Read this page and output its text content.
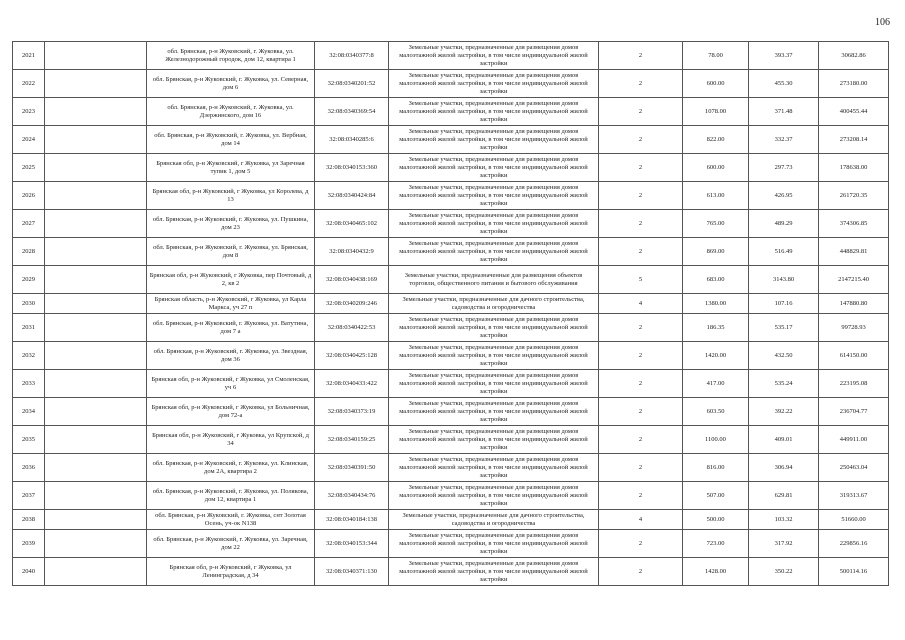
106
2021		обл. Брянская, р-н Жуковский, г. Жуковка, ул. Железнодорожный городок, дом 12, квартира 1	32:08:0340377:8	Земельные участки, предназначенные для размещения домов малоэтажной жилой застройки, в том числе индивидуальной жилой застройки	2	78.00	393.37	30682.86
2022		обл. Брянская, р-н Жуковский, г. Жуковка, ул. Северная, дом 6	32:08:0340201:52	Земельные участки, предназначенные для размещения домов малоэтажной жилой застройки, в том числе индивидуальной жилой застройки	2	600.00	455.30	273180.00
2023		обл. Брянская, р-н Жуковский, г. Жуковка, ул. Дзержинского, дом 16	32:08:0340369:54	Земельные участки, предназначенные для размещения домов малоэтажной жилой застройки, в том числе индивидуальной жилой застройки	2	1078.00	371.48	400455.44
2024		обл. Брянская, р-н Жуковский, г. Жуковка, ул. Вербная, дом 14	32:08:0340285:6	Земельные участки, предназначенные для размещения домов малоэтажной жилой застройки, в том числе индивидуальной жилой застройки	2	822.00	332.37	273208.14
2025		Брянская обл, р-н Жуковский, г Жуковка, ул Заречная тупик 1, дом 5	32:08:0340153:360	Земельные участки, предназначенные для размещения домов малоэтажной жилой застройки, в том числе индивидуальной жилой застройки	2	600.00	297.73	178638.00
2026		Брянская обл, р-н Жуковский, г Жуковка, ул Королева, д 13	32:08:0340424:84	Земельные участки, предназначенные для размещения домов малоэтажной жилой застройки, в том числе индивидуальной жилой застройки	2	613.00	426.95	261720.35
2027		обл. Брянская, р-н Жуковский, г. Жуковка, ул. Пушкина, дом 23	32:08:0340465:102	Земельные участки, предназначенные для размещения домов малоэтажной жилой застройки, в том числе индивидуальной жилой застройки	2	765.00	489.29	374306.85
2028		обл. Брянская, р-н Жуковский, г. Жуковка, ул. Брянская, дом 8	32:08:0340432:9	Земельные участки, предназначенные для размещения домов малоэтажной жилой застройки, в том числе индивидуальной жилой застройки	2	869.00	516.49	448829.81
2029		Брянская обл, р-н Жуковский, г Жуковка, пер Почтовый, д 2, кв 2	32:08:0340438:169	Земельные участки, предназначенные для размещения объектов торговли, общественного питания и бытового обслуживания	5	683.00	3143.80	2147215.40
2030		Брянская область, р-н Жуковский, г Жуковка, ул Карла Маркса, уч 27 п	32:08:0340209:246	Земельные участки, предназначенные для дачного строительства, садоводства и огородничества	4	1380.00	107.16	147880.80
2031		обл. Брянская, р-н Жуковский, г. Жуковка, ул. Ватутина, дом 7 а	32:08:0340422:53	Земельные участки, предназначенные для размещения домов малоэтажной жилой застройки, в том числе индивидуальной жилой застройки	2	186.35	535.17	99728.93
2032		обл. Брянская, р-н Жуковский, г. Жуковка, ул. Звездная, дом 36	32:08:0340425:128	Земельные участки, предназначенные для размещения домов малоэтажной жилой застройки, в том числе индивидуальной жилой застройки	2	1420.00	432.50	614150.00
2033		Брянская обл, р-н Жуковский, г Жуковка, ул Смоленская, уч 6	32:08:0340433:422	Земельные участки, предназначенные для размещения домов малоэтажной жилой застройки, в том числе индивидуальной жилой застройки	2	417.00	535.24	223195.08
2034		Брянская обл, р-н Жуковский, г Жуковка, ул Больничная, дом 72-а	32:08:0340373:19	Земельные участки, предназначенные для размещения домов малоэтажной жилой застройки, в том числе индивидуальной жилой застройки	2	603.50	392.22	236704.77
2035		Брянская обл, р-н Жуковский, г Жуковка, ул Крупской, д 34	32:08:0340159:25	Земельные участки, предназначенные для размещения домов малоэтажной жилой застройки, в том числе индивидуальной жилой застройки	2	1100.00	409.01	449911.00
2036		обл. Брянская, р-н Жуковский, г. Жуковка, ул. Клинская, дом 2А, квартира 2	32:08:0340391:50	Земельные участки, предназначенные для размещения домов малоэтажной жилой застройки, в том числе индивидуальной жилой застройки	2	816.00	306.94	250463.04
2037		обл. Брянская, р-н Жуковский, г. Жуковка, ул. Полякова, дом 12, квартира 1	32:08:0340434:76	Земельные участки, предназначенные для размещения домов малоэтажной жилой застройки, в том числе индивидуальной жилой застройки	2	507.00	629.81	319313.67
2038		обл. Брянская, р-н Жуковский, г. Жуковка, снт Золотая Осень, уч-ок N138	32:08:0340184:138	Земельные участки, предназначенные для дачного строительства, садоводства и огородничества	4	500.00	103.32	51660.00
2039		обл. Брянская, р-н Жуковский, г. Жуковка, ул. Заречная, дом 22	32:08:0340153:344	Земельные участки, предназначенные для размещения домов малоэтажной жилой застройки, в том числе индивидуальной жилой застройки	2	723.00	317.92	229856.16
2040		Брянская обл, р-н Жуковский, г Жуковка, ул Ленинградская, д 34	32:08:0340371:130	Земельные участки, предназначенные для размещения домов малоэтажной жилой застройки, в том числе индивидуальной жилой застройки	2	1428.00	350.22	500114.16
